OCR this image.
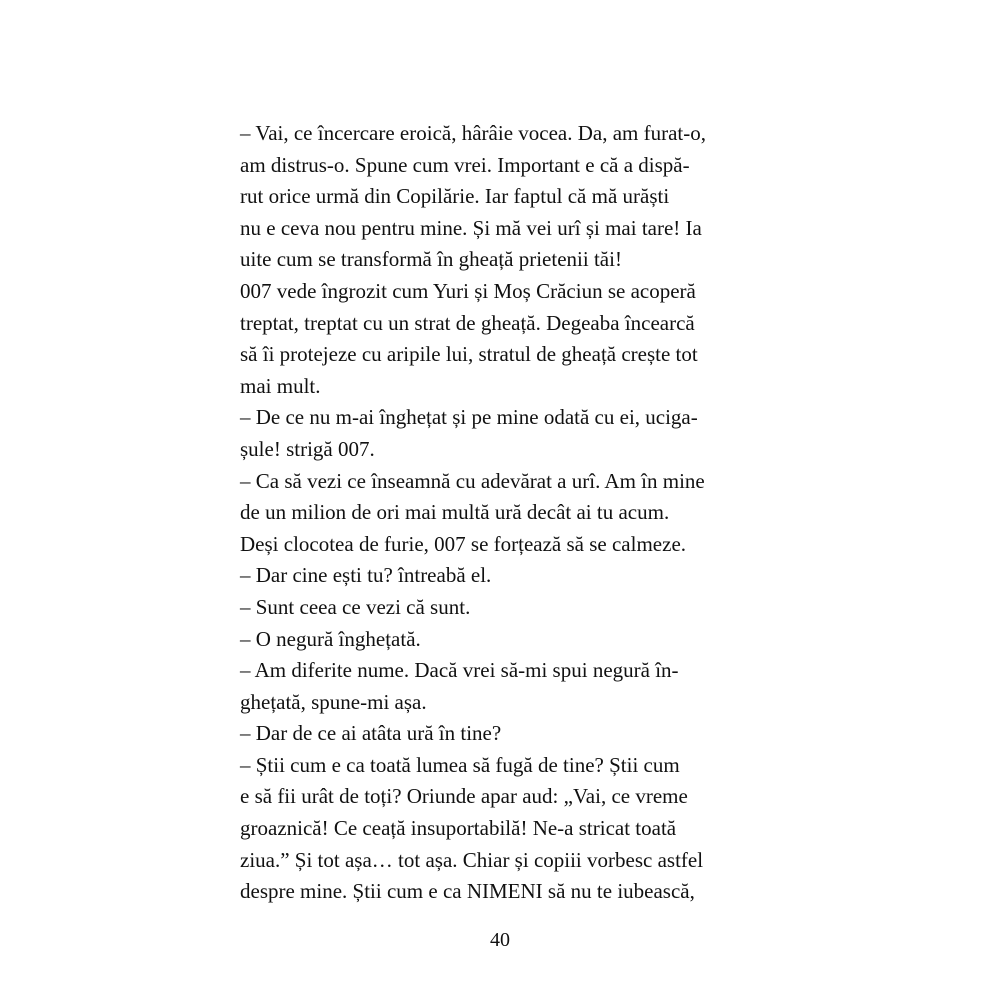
– Vai, ce încercare eroică, hârâie vocea. Da, am furat-o,
am distrus-o. Spune cum vrei. Important e că a dispă-
rut orice urmă din Copilărie. Iar faptul că mă urăști
nu e ceva nou pentru mine. Și mă vei urî și mai tare! Ia
uite cum se transformă în gheață prietenii tăi!
007 vede îngrozit cum Yuri și Moș Crăciun se acoperă
treptat, treptat cu un strat de gheață. Degeaba încearcă
să îi protejeze cu aripile lui, stratul de gheață crește tot
mai mult.
– De ce nu m-ai înghețat și pe mine odată cu ei, uciga-
șule! strigă 007.
– Ca să vezi ce înseamnă cu adevărat a urî. Am în mine
de un milion de ori mai multă ură decât ai tu acum.
Deși clocotea de furie, 007 se forțează să se calmeze.
– Dar cine ești tu? întreabă el.
– Sunt ceea ce vezi că sunt.
– O negură înghețată.
– Am diferite nume. Dacă vrei să-mi spui negură în-
ghețată, spune-mi așa.
– Dar de ce ai atâta ură în tine?
– Știi cum e ca toată lumea să fugă de tine? Știi cum
e să fii urât de toți? Oriunde apar aud: „Vai, ce vreme
groaznică! Ce ceață insuportabilă! Ne-a stricat toată
ziua.” Și tot așa… tot așa. Chiar și copiii vorbesc astfel
despre mine. Știi cum e ca NIMENI să nu te iubească,
40
